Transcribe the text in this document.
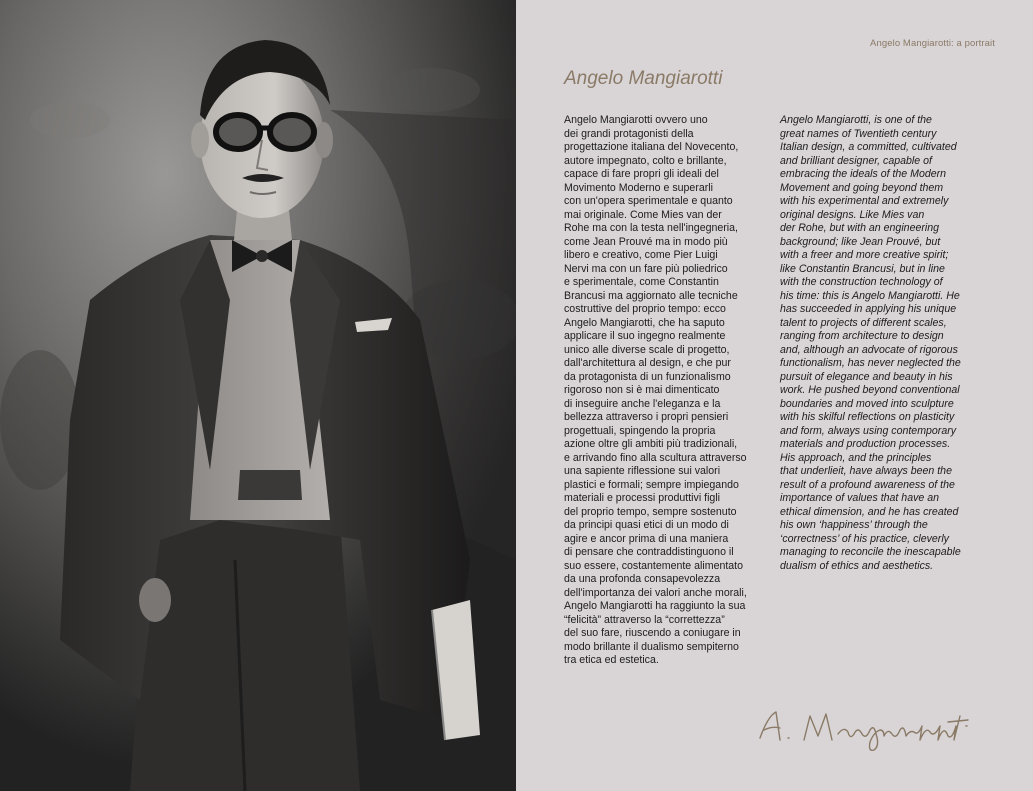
Angelo Mangiarotti: a portrait
Angelo Mangiarotti

Angelo Mangiarotti ovvero uno
dei grandi protagonisti della
progettazione italiana del Novecento,
autore impegnato, colto e brillante,
capace di fare propri gli ideali del
Movimento Moderno e superarli
con un'opera sperimentale e quanto
mai originale. Come Mies van der
Rohe ma con la testa nell'ingegneria,
come Jean Prouvé ma in modo più
libero e creativo, come Pier Luigi
Nervi ma con un fare più poliedrico
e sperimentale, come Constantin
Brancusi ma aggiornato alle tecniche
costruttive del proprio tempo: ecco
Angelo Mangiarotti, che ha saputo
applicare il suo ingegno realmente
unico alle diverse scale di progetto,
dall'architettura al design, e che pur
da protagonista di un funzionalismo
rigoroso non si è mai dimenticato
di inseguire anche l'eleganza e la
bellezza attraverso i propri pensieri
progettuali, spingendo la propria
azione oltre gli ambiti più tradizionali,
e arrivando fino alla scultura attraverso
una sapiente riflessione sui valori
plastici e formali; sempre impiegando
materiali e processi produttivi figli
del proprio tempo, sempre sostenuto
da principi quasi etici di un modo di
agire e ancor prima di una maniera
di pensare che contraddistinguono il
suo essere, costantemente alimentato
da una profonda consapevolezza
dell'importanza dei valori anche morali,
Angelo Mangiarotti ha raggiunto la sua
“felicità” attraverso la “correttezza”
del suo fare, riuscendo a coniugare in
modo brillante il dualismo sempiterno
tra etica ed estetica.

Angelo Mangiarotti, is one of the
great names of Twentieth century
Italian design, a committed, cultivated
and brilliant designer, capable of
embracing the ideals of the Modern
Movement and going beyond them
with his experimental and extremely
original designs. Like Mies van
der Rohe, but with an engineering
background; like Jean Prouvé, but
with a freer and more creative spirit;
like Constantin Brancusi, but in line
with the construction technology of
his time: this is Angelo Mangiarotti. He
has succeeded in applying his unique
talent to projects of different scales,
ranging from architecture to design
and, although an advocate of rigorous
functionalism, has never neglected the
pursuit of elegance and beauty in his
work. He pushed beyond conventional
boundaries and moved into sculpture
with his skilful reflections on plasticity
and form, always using contemporary
materials and production processes.
His approach, and the principles
that underlieit, have always been the
result of a profound awareness of the
importance of values that have an
ethical dimension, and he has created
his own ‘happiness’ through the
‘correctness’ of his practice, cleverly
managing to reconcile the inescapable
dualism of ethics and aesthetics.
